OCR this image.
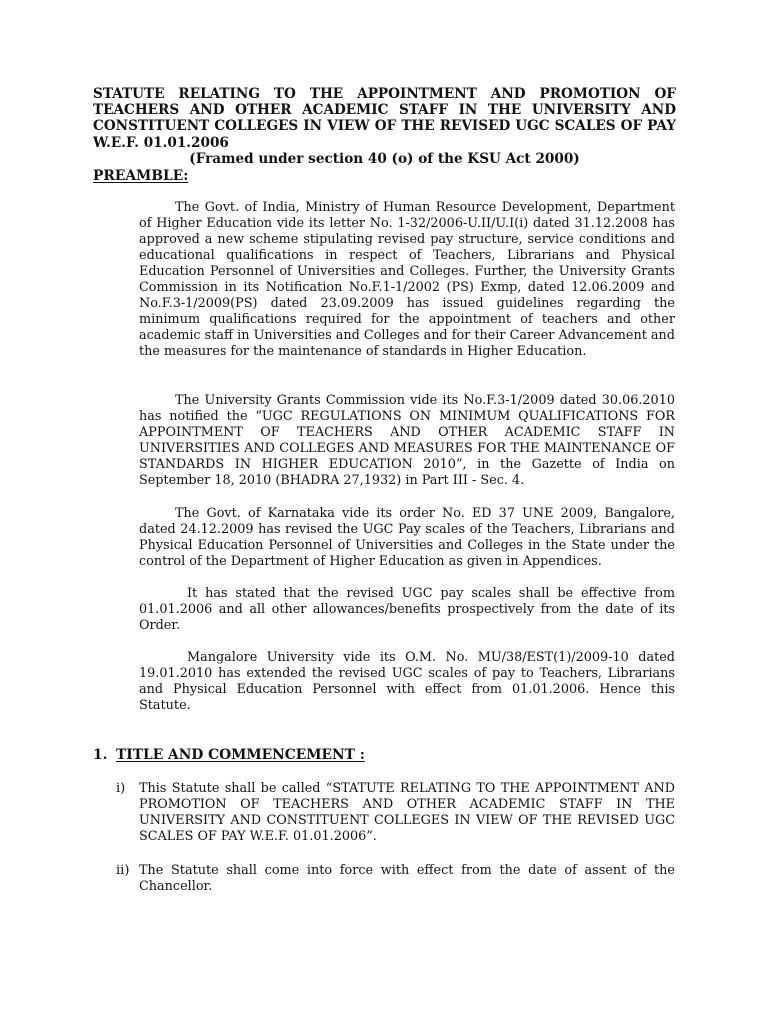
STATUTE RELATING TO THE APPOINTMENT AND PROMOTION OF TEACHERS AND OTHER ACADEMIC STAFF IN THE UNIVERSITY AND CONSTITUENT COLLEGES IN VIEW OF THE REVISED UGC SCALES OF PAY W.E.F. 01.01.2006
(Framed under section 40 (o) of the KSU Act 2000)
PREAMBLE:

The Govt. of India, Ministry of Human Resource Development, Department of Higher Education vide its letter No. 1-32/2006-U.II/U.I(i) dated 31.12.2008 has approved a new scheme stipulating revised pay structure, service conditions and educational qualifications in respect of Teachers, Librarians and Physical Education Personnel of Universities and Colleges. Further, the University Grants Commission in its Notification No.F.1-1/2002 (PS) Exmp, dated 12.06.2009 and No.F.3-1/2009(PS) dated 23.09.2009 has issued guidelines regarding the minimum qualifications required for the appointment of teachers and other academic staff in Universities and Colleges and for their Career Advancement and the measures for the maintenance of standards in Higher Education.

The University Grants Commission vide its No.F.3-1/2009 dated 30.06.2010 has notified the “UGC REGULATIONS ON MINIMUM QUALIFICATIONS FOR APPOINTMENT OF TEACHERS AND OTHER ACADEMIC STAFF IN UNIVERSITIES AND COLLEGES AND MEASURES FOR THE MAINTENANCE OF STANDARDS IN HIGHER EDUCATION 2010”, in the Gazette of India on September 18, 2010 (BHADRA 27,1932) in Part III - Sec. 4.

The Govt. of Karnataka vide its order No. ED 37 UNE 2009, Bangalore, dated 24.12.2009 has revised the UGC Pay scales of the Teachers, Librarians and Physical Education Personnel of Universities and Colleges in the State under the control of the Department of Higher Education as given in Appendices.

It has stated that the revised UGC pay scales shall be effective from 01.01.2006 and all other allowances/benefits prospectively from the date of its Order.

Mangalore University vide its O.M. No. MU/38/EST(1)/2009-10 dated 19.01.2010 has extended the revised UGC scales of pay to Teachers, Librarians and Physical Education Personnel with effect from 01.01.2006. Hence this Statute.

1. TITLE AND COMMENCEMENT :
i) This Statute shall be called “STATUTE RELATING TO THE APPOINTMENT AND PROMOTION OF TEACHERS AND OTHER ACADEMIC STAFF IN THE UNIVERSITY AND CONSTITUENT COLLEGES IN VIEW OF THE REVISED UGC SCALES OF PAY W.E.F. 01.01.2006”.

ii) The Statute shall come into force with effect from the date of assent of the Chancellor.
